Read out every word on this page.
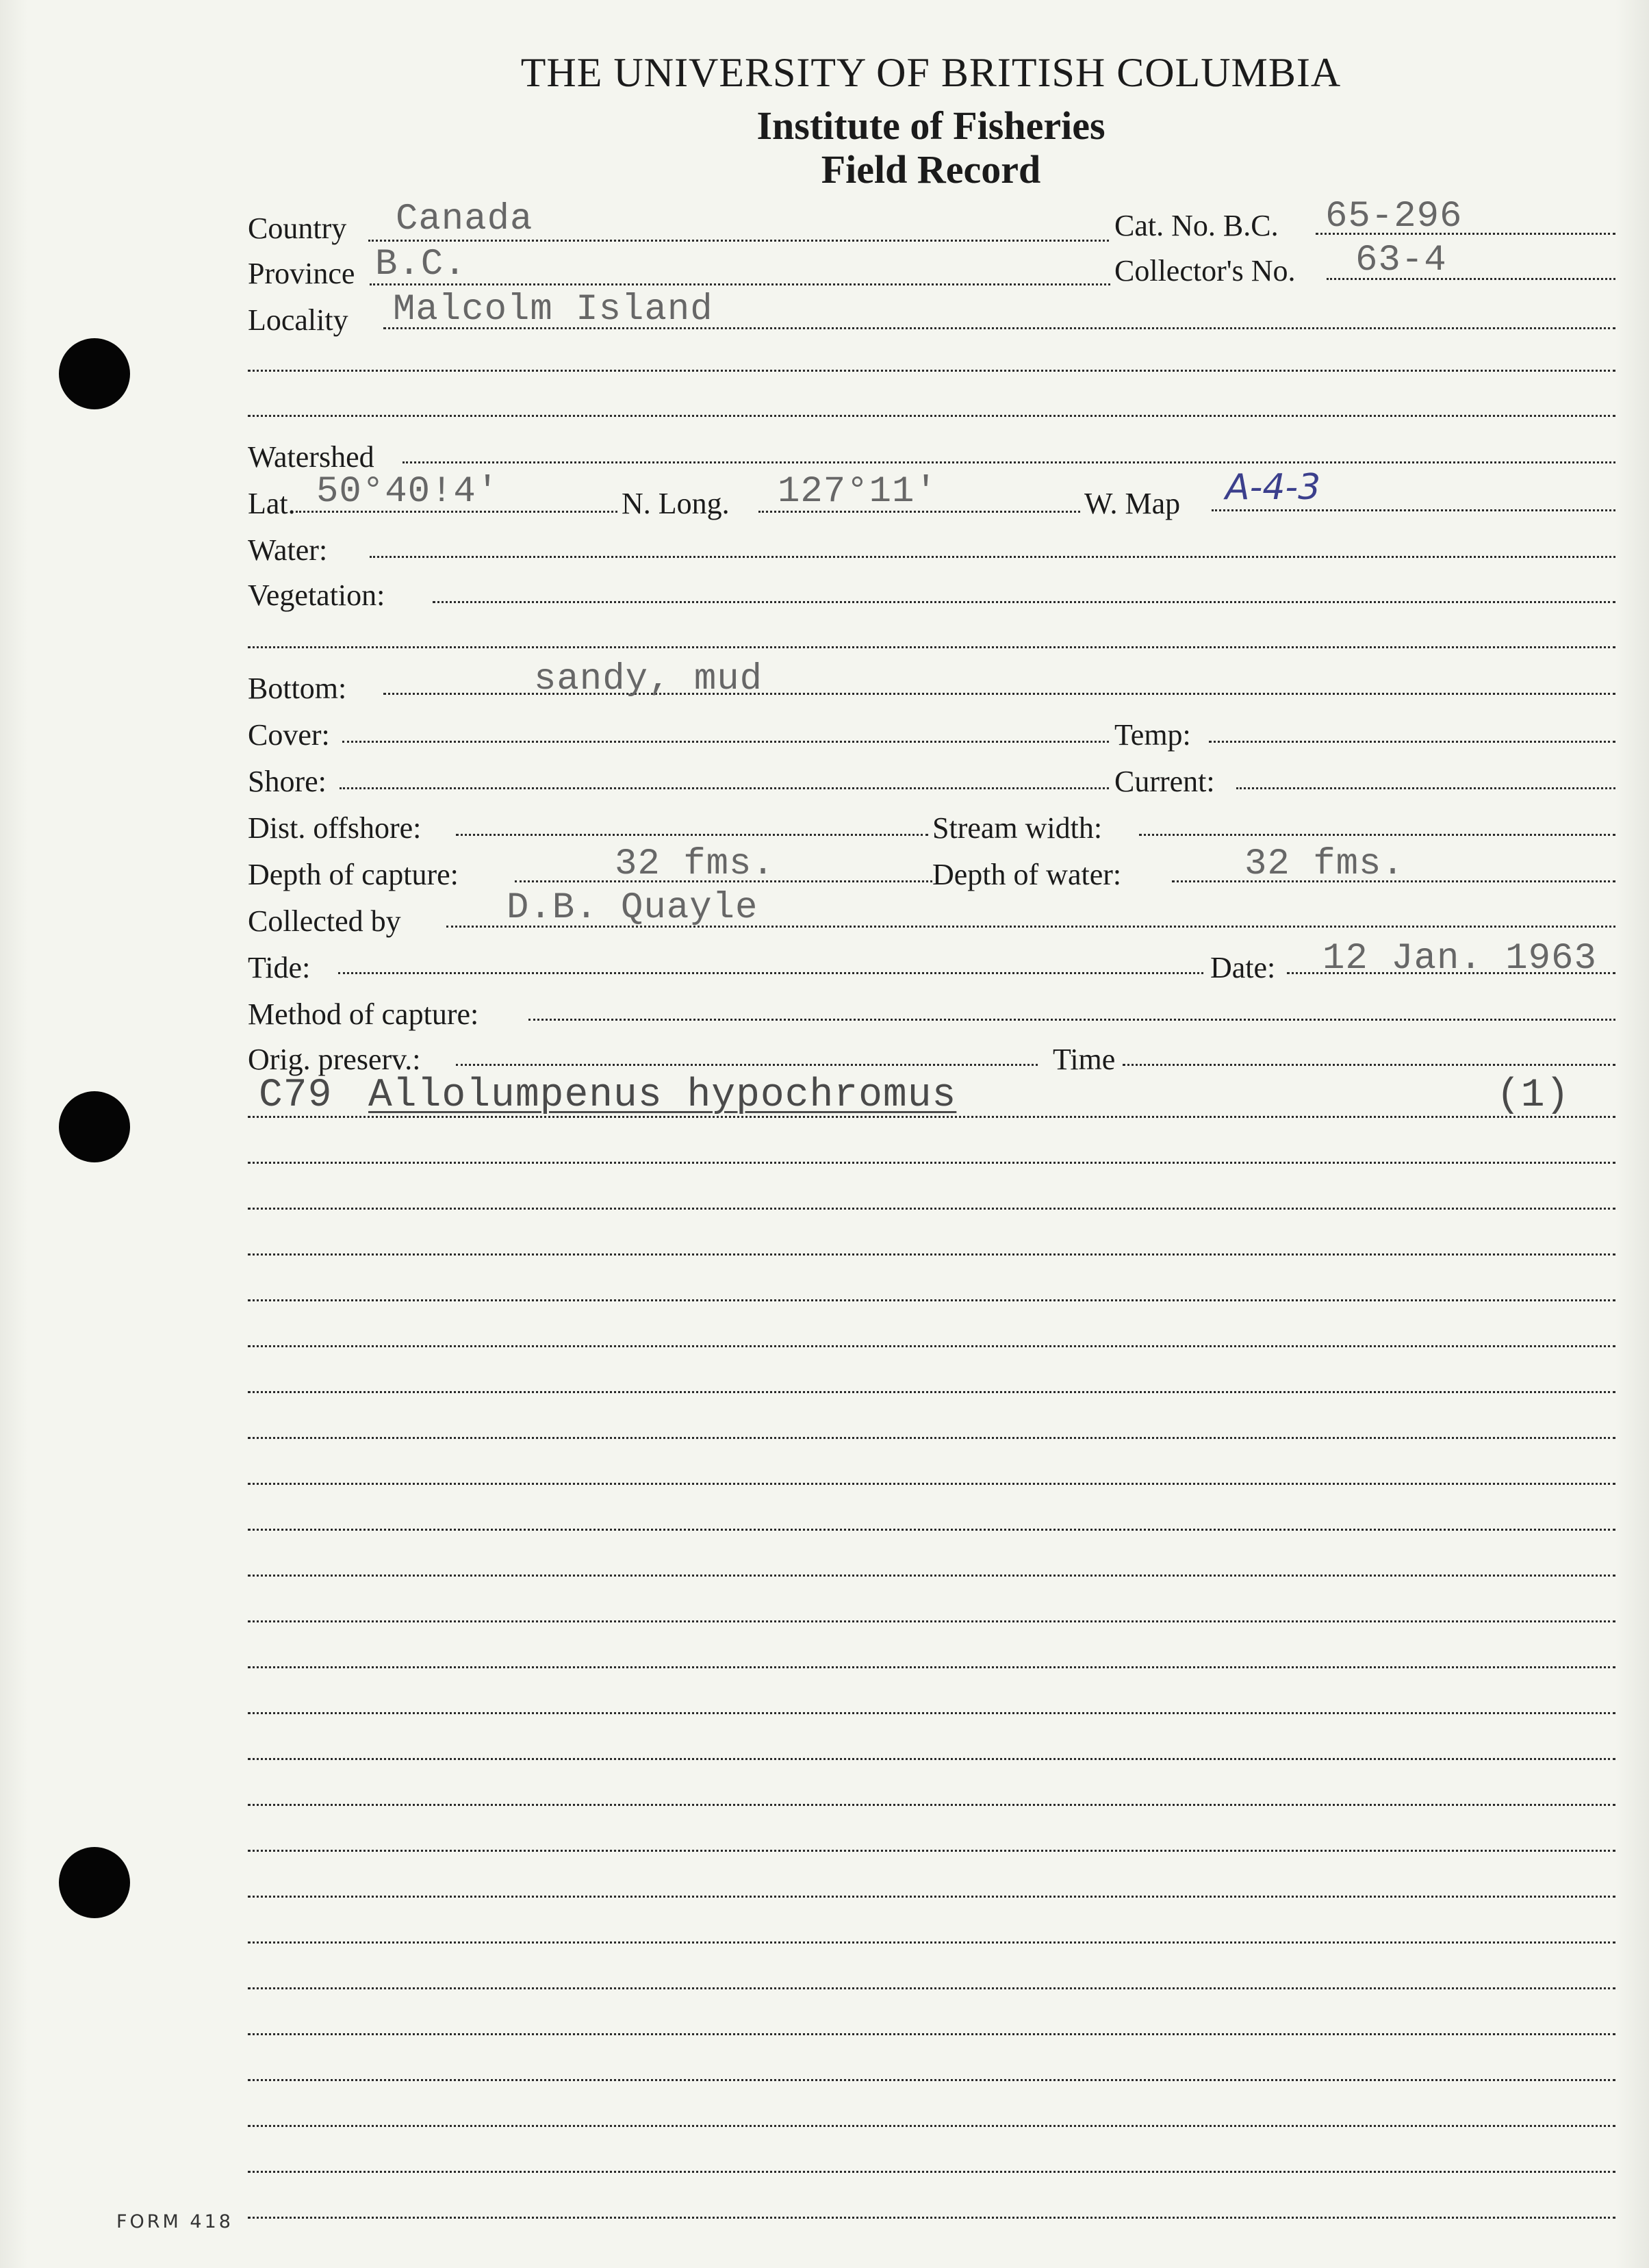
THE UNIVERSITY OF BRITISH COLUMBIA
Institute of Fisheries
Field Record
Country Canada	Cat. No. B.C. 65-296
Province B.C.	Collector's No. 63-4
Locality Malcolm Island
Watershed
Lat. 50°40!4'	N. Long. 127°11'	W. Map A-4-3
Water:
Vegetation:
Bottom:	sandy, mud
Cover:	Temp:
Shore:	Current:
Dist. offshore:	Stream width:
Depth of capture:	32 fms.	Depth of water:	32 fms.
Collected by	D.B. Quayle
Tide:	Date: 12 Jan. 1963
Method of capture:
Orig. preserv.:	Time
C79 Allolumpenus hypochromus	(1)
FORM 418
